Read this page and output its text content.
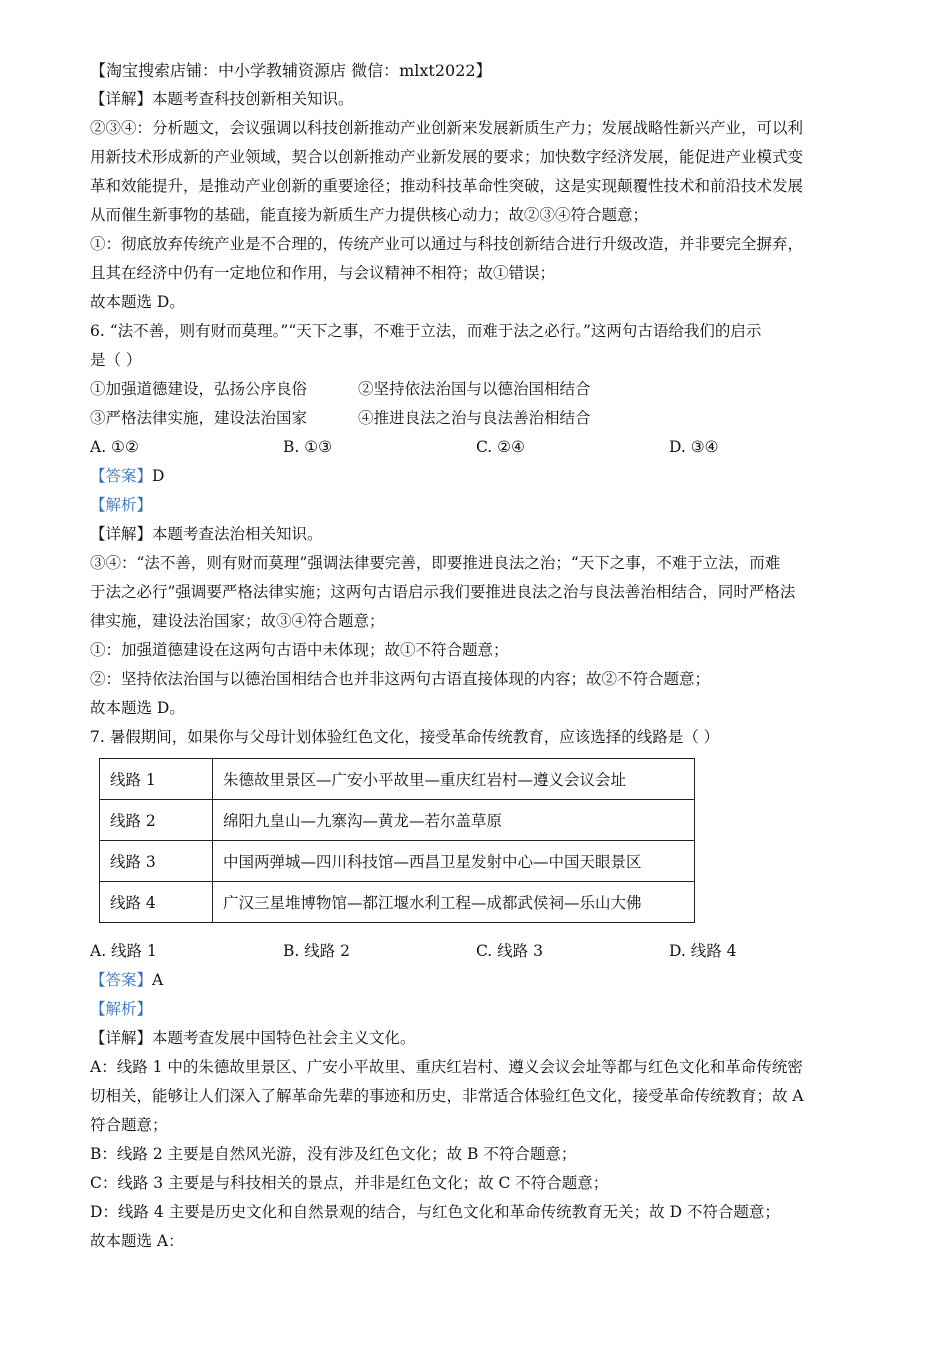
【淘宝搜索店铺：中小学教辅资源店 微信：mlxt2022】
【详解】本题考查科技创新相关知识。
②③④：分析题文，会议强调以科技创新推动产业创新来发展新质生产力；发展战略性新兴产业，可以利
用新技术形成新的产业领域，契合以创新推动产业新发展的要求；加快数字经济发展，能促进产业模式变
革和效能提升，是推动产业创新的重要途径；推动科技革命性突破，这是实现颠覆性技术和前沿技术发展
从而催生新事物的基础，能直接为新质生产力提供核心动力；故②③④符合题意；
①：彻底放弃传统产业是不合理的，传统产业可以通过与科技创新结合进行升级改造，并非要完全摒弃，
且其在经济中仍有一定地位和作用，与会议精神不相符；故①错误；
故本题选 D。
6. “法不善，则有财而莫理。”“天下之事，不难于立法，而难于法之必行。”这两句古语给我们的启示
是（ ）
①加强道德建设，弘扬公序良俗	②坚持依法治国与以德治国相结合
③严格法律实施，建设法治国家	④推进良法之治与良法善治相结合
A. ①②	B. ①③	C. ②④	D. ③④
【答案】D
【解析】
【详解】本题考查法治相关知识。
③④：“法不善，则有财而莫理”强调法律要完善，即要推进良法之治；“天下之事，不难于立法，而难
于法之必行”强调要严格法律实施；这两句古语启示我们要推进良法之治与良法善治相结合，同时严格法
律实施，建设法治国家；故③④符合题意；
①：加强道德建设在这两句古语中未体现；故①不符合题意；
②：坚持依法治国与以德治国相结合也并非这两句古语直接体现的内容；故②不符合题意；
故本题选 D。
7. 暑假期间，如果你与父母计划体验红色文化，接受革命传统教育，应该选择的线路是（ ）
线路 1	朱德故里景区—广安小平故里—重庆红岩村—遵义会议会址
线路 2	绵阳九皇山—九寨沟—黄龙—若尔盖草原
线路 3	中国两弹城—四川科技馆—西昌卫星发射中心—中国天眼景区
线路 4	广汉三星堆博物馆—都江堰水利工程—成都武侯祠—乐山大佛
A. 线路 1	B. 线路 2	C. 线路 3	D. 线路 4
【答案】A
【解析】
【详解】本题考查发展中国特色社会主义文化。
A：线路 1 中的朱德故里景区、广安小平故里、重庆红岩村、遵义会议会址等都与红色文化和革命传统密
切相关，能够让人们深入了解革命先辈的事迹和历史，非常适合体验红色文化，接受革命传统教育；故 A
符合题意；
B：线路 2 主要是自然风光游，没有涉及红色文化；故 B 不符合题意；
C：线路 3 主要是与科技相关的景点，并非是红色文化；故 C 不符合题意；
D：线路 4 主要是历史文化和自然景观的结合，与红色文化和革命传统教育无关；故 D 不符合题意；
故本题选 A：
